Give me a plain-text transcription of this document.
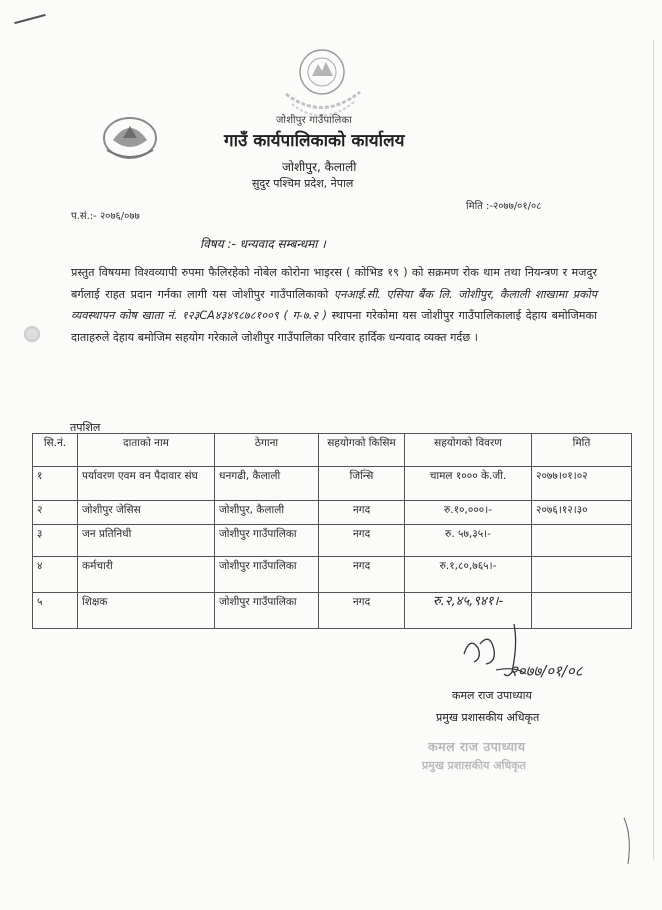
जोशीपुर गाउँपालिका
गाउँ कार्यपालिकाको कार्यालय
जोशीपुर, कैलाली
सुदुर पश्चिम प्रदेश, नेपाल
मिति :-२०७७/०१/०८
प.सं.:- २०७६/०७७
विषय :- धन्यवाद सम्बन्धमा ।
प्रस्तुत विषयमा विश्वव्यापी रुपमा फैलिरहेको नोबेल कोरोना भाइरस ( कोभिड १९ ) को सक्रमण रोक थाम तथा नियन्त्रण र मजदुर बर्गलाई राहत प्रदान गर्नका लागी यस जोशीपुर गाउँपालिकाको एनआई.सी. एसिया बैंक लि. जोशीपुर, कैलाली शाखामा प्रकोप व्यवस्थापन कोष खाता नं. १२३CA४३४९८७८१००९ ( ग-७.२ ) स्थापना गरेकोमा यस जोशीपुर गाउँपालिकालाई देहाय बमोजिमका दाताहरुले देहाय बमोजिम सहयोग गरेकाले जोशीपुर गाउँपालिका परिवार हार्दिक धन्यवाद व्यक्त गर्दछ ।
तपशिल
सि.नं.	दाताको नाम	ठेगाना	सहयोगको किसिम	सहयोगको विवरण	मिति
१	पर्यावरण एवम वन पैदावार संघ	धनगढी, कैलाली	जिन्सि	चामल १००० के.जी.	२०७७।०१।०२
२	जोशीपुर जेसिस	जोशीपुर, कैलाली	नगद	रु.१०,०००।-	२०७६।१२।३०
३	जन प्रतिनिधी	जोशीपुर गाउँपालिका	नगद	रु. ५७,३५।-	
४	कर्मचारी	जोशीपुर गाउँपालिका	नगद	रु.१,८०,७६५।-	
५	शिक्षक	जोशीपुर गाउँपालिका	नगद	रु.२,४५,९४१।-	
२०७७/०१/०८
कमल राज उपाध्याय
प्रमुख प्रशासकीय अधिकृत
कमल राज उपाध्याय
प्रमुख प्रशासकीय अधिकृत
